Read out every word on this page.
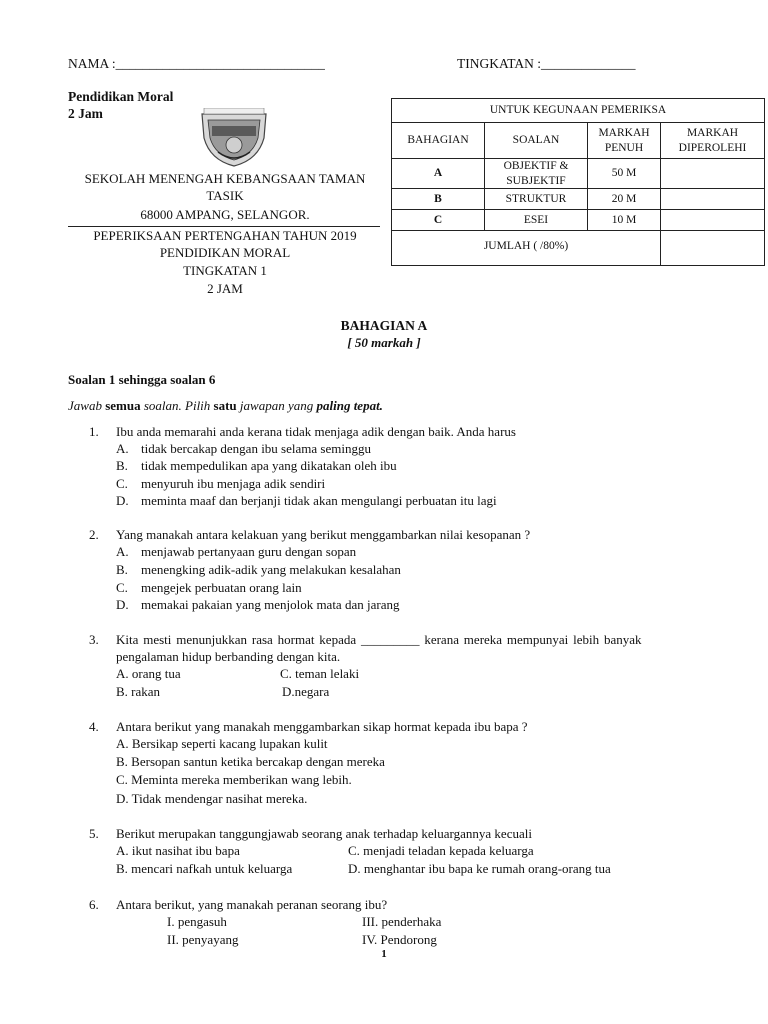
NAMA :_______________________________	TINGKATAN :______________
Pendidikan Moral
2 Jam
SEKOLAH MENENGAH KEBANGSAAN TAMAN
TASIK
68000 AMPANG, SELANGOR.
PEPERIKSAAN PERTENGAHAN TAHUN 2019
PENDIDIKAN MORAL
TINGKATAN 1
2 JAM
UNTUK KEGUNAAN PEMERIKSA			
BAHAGIAN	SOALAN	MARKAH PENUH	MARKAH DIPEROLEHI
A	OBJEKTIF & SUBJEKTIF	50 M	
B	STRUKTUR	20 M	
C	ESEI	10 M	
JUMLAH ( /80%)			
BAHAGIAN A
[ 50 markah ]
Soalan 1 sehingga soalan 6
Jawab semua soalan. Pilih satu jawapan yang paling tepat.
1. Ibu anda memarahi anda kerana tidak menjaga adik dengan baik. Anda harus
A. tidak bercakap dengan ibu selama seminggu
B. tidak mempedulikan apa yang dikatakan oleh ibu
C. menyuruh ibu menjaga adik sendiri
D. meminta maaf dan berjanji tidak akan mengulangi perbuatan itu lagi
2. Yang manakah antara kelakuan yang berikut menggambarkan nilai kesopanan ?
A. menjawab pertanyaan guru dengan sopan
B. menengking adik-adik yang melakukan kesalahan
C. mengejek perbuatan orang lain
D. memakai pakaian yang menjolok mata dan jarang
3. Kita mesti menunjukkan rasa hormat kepada _________ kerana mereka mempunyai lebih banyak
pengalaman hidup berbanding dengan kita.
A. orang tua	C. teman lelaki
B. rakan	D.negara
4. Antara berikut yang manakah menggambarkan sikap hormat kepada ibu bapa ?
A. Bersikap seperti kacang lupakan kulit
B. Bersopan santun ketika bercakap dengan mereka
C. Meminta mereka memberikan wang lebih.
D. Tidak mendengar nasihat mereka.
5. Berikut merupakan tanggungjawab seorang anak terhadap keluargannya kecuali
A. ikut nasihat ibu bapa	C. menjadi teladan kepada keluarga
B. mencari nafkah untuk keluarga	D. menghantar ibu bapa ke rumah orang-orang tua
6. Antara berikut, yang manakah peranan seorang ibu?
I. pengasuh	III. penderhaka
II. penyayang	IV. Pendorong
1
